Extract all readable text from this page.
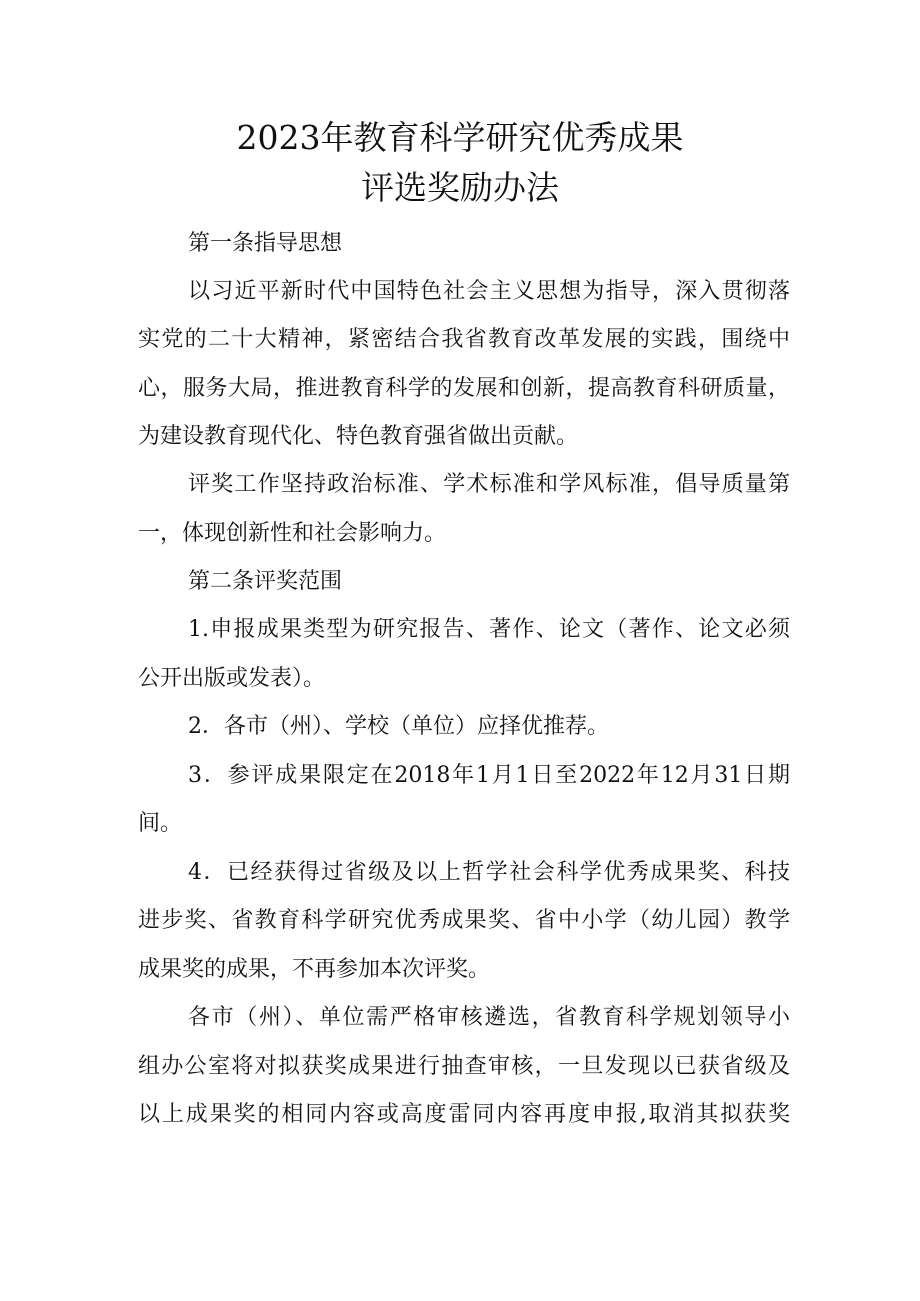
2023年教育科学研究优秀成果
评选奖励办法
第一条指导思想
以习近平新时代中国特色社会主义思想为指导，深入贯彻落
实党的二十大精神，紧密结合我省教育改革发展的实践，围绕中
心，服务大局，推进教育科学的发展和创新，提高教育科研质量，
为建设教育现代化、特色教育强省做出贡献。
评奖工作坚持政治标准、学术标准和学风标准，倡导质量第
一，体现创新性和社会影响力。
第二条评奖范围
1.申报成果类型为研究报告、著作、论文（著作、论文必须
公开出版或发表）。
2．各市（州）、学校（单位）应择优推荐。
3．参评成果限定在2018年1月1日至2022年12月31日期
间。
4．已经获得过省级及以上哲学社会科学优秀成果奖、科技
进步奖、省教育科学研究优秀成果奖、省中小学（幼儿园）教学
成果奖的成果，不再参加本次评奖。
各市（州）、单位需严格审核遴选，省教育科学规划领导小
组办公室将对拟获奖成果进行抽查审核，一旦发现以已获省级及
以上成果奖的相同内容或高度雷同内容再度申报,取消其拟获奖
